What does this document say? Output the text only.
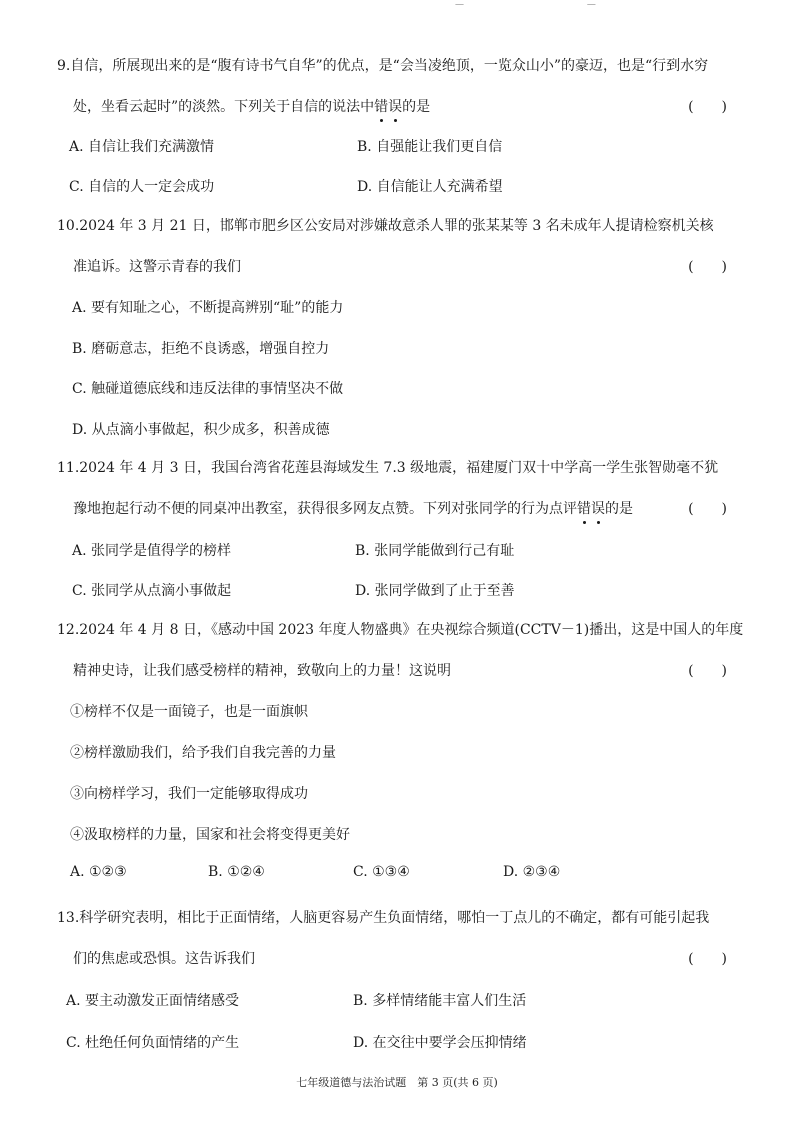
— —
9.自信，所展现出来的是“腹有诗书气自华”的优点，是“会当凌绝顶，一览众山小”的豪迈，也是“行到水穷
处，坐看云起时”的淡然。下列关于自信的说法中错误的是	(　　)
A. 自信让我们充满激情	B. 自强能让我们更自信
C. 自信的人一定会成功	D. 自信能让人充满希望
10.2024 年 3 月 21 日，邯郸市肥乡区公安局对涉嫌故意杀人罪的张某某等 3 名未成年人提请检察机关核
准追诉。这警示青春的我们	(　　)
A. 要有知耻之心，不断提高辨别“耻”的能力
B. 磨砺意志，拒绝不良诱惑，增强自控力
C. 触碰道德底线和违反法律的事情坚决不做
D. 从点滴小事做起，积少成多，积善成德
11.2024 年 4 月 3 日，我国台湾省花莲县海域发生 7.3 级地震，福建厦门双十中学高一学生张智勋毫不犹
豫地抱起行动不便的同桌冲出教室，获得很多网友点赞。下列对张同学的行为点评错误的是	(　　)
A. 张同学是值得学的榜样	B. 张同学能做到行己有耻
C. 张同学从点滴小事做起	D. 张同学做到了止于至善
12.2024 年 4 月 8 日，《感动中国 2023 年度人物盛典》在央视综合频道(CCTV－1)播出，这是中国人的年度
精神史诗，让我们感受榜样的精神，致敬向上的力量！这说明	(　　)
①榜样不仅是一面镜子，也是一面旗帜
②榜样激励我们，给予我们自我完善的力量
③向榜样学习，我们一定能够取得成功
④汲取榜样的力量，国家和社会将变得更美好
A. ①②③	B. ①②④	C. ①③④	D. ②③④
13.科学研究表明，相比于正面情绪，人脑更容易产生负面情绪，哪怕一丁点儿的不确定，都有可能引起我
们的焦虑或恐惧。这告诉我们	(　　)
A. 要主动激发正面情绪感受	B. 多样情绪能丰富人们生活
C. 杜绝任何负面情绪的产生	D. 在交往中要学会压抑情绪
七年级道德与法治试题　第 3 页(共 6 页)
